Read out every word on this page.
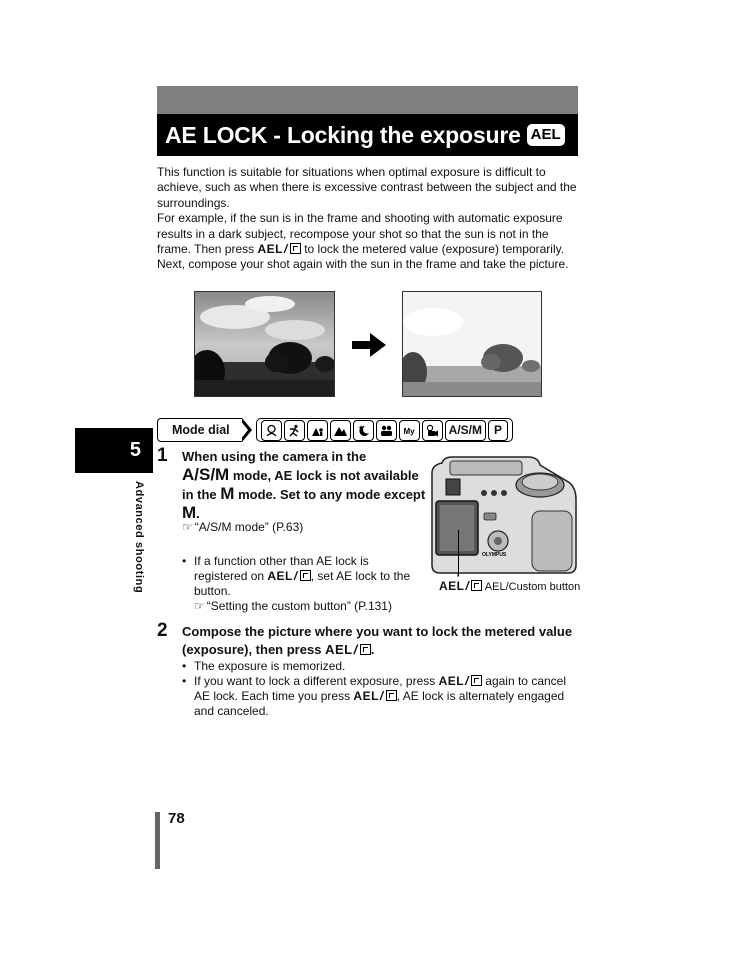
AE LOCK - Locking the exposure AEL

This function is suitable for situations when optimal exposure is difficult to achieve, such as when there is excessive contrast between the subject and the surroundings.

For example, if the sun is in the frame and shooting with automatic exposure results in a dark subject, recompose your shot so that the sun is not in the frame. Then press AEL/ to lock the metered value (exposure) temporarily. Next, compose your shot again with the sun in the frame and take the picture.

5
Advanced shooting
Mode dial	My	A/S/M	P
1 When using the camera in the
A/S/M mode, AE lock is not available in the M mode. Set to any mode except M.
☞ “A/S/M mode” (P.63)
• If a function other than AE lock is registered on AEL/ , set AE lock to the button.
☞ “Setting the custom button” (P.131)
OLYMPUS
AEL/ AEL/Custom button
2 Compose the picture where you want to lock the metered value (exposure), then press AEL/ .
• The exposure is memorized.
• If you want to lock a different exposure, press AEL/ again to cancel AE lock. Each time you press AEL/ , AE lock is alternately engaged and canceled.
78
